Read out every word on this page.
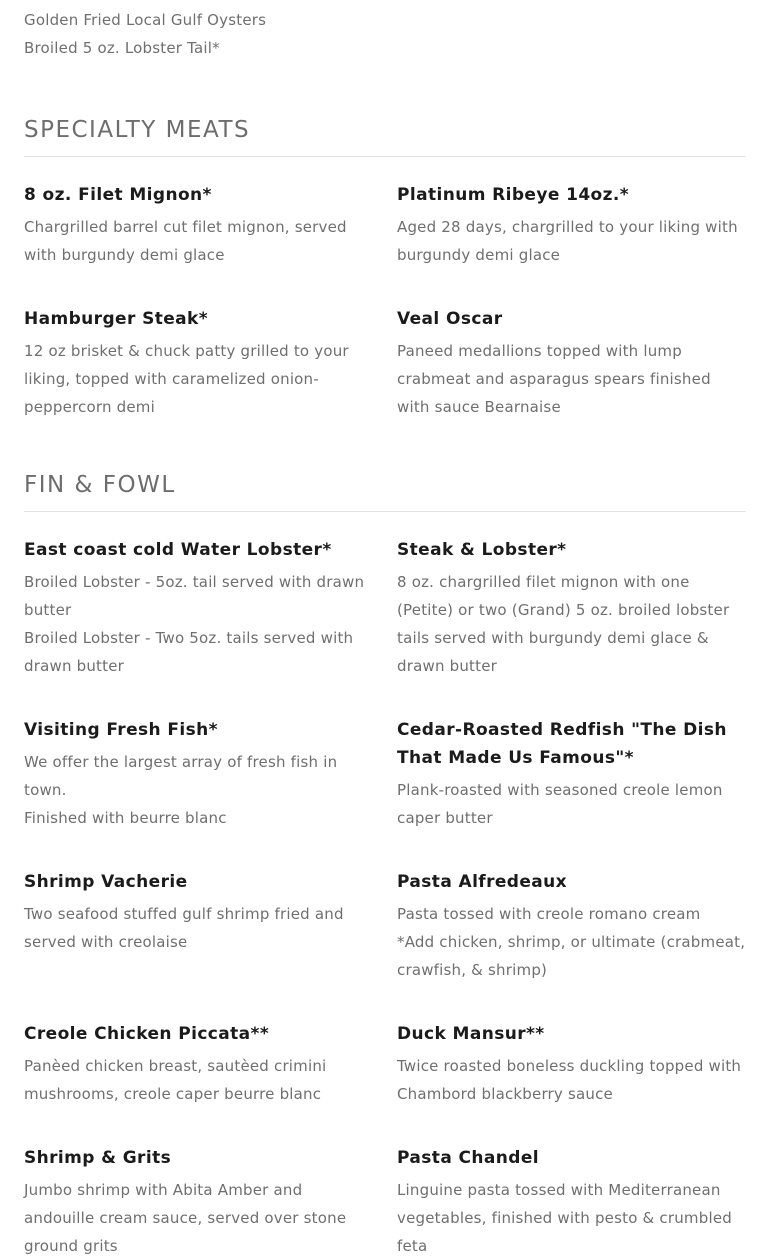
Golden Fried Local Gulf Oysters
Broiled 5 oz. Lobster Tail*
SPECIALTY MEATS
8 oz. Filet Mignon*
Chargrilled barrel cut filet mignon, served with burgundy demi glace
Platinum Ribeye 14oz.*
Aged 28 days, chargrilled to your liking with burgundy demi glace
Hamburger Steak*
12 oz brisket & chuck patty grilled to your liking, topped with caramelized onion- peppercorn demi
Veal Oscar
Paneed medallions topped with lump crabmeat and asparagus spears finished with sauce Bearnaise
FIN & FOWL
East coast cold Water Lobster*
Broiled Lobster - 5oz. tail served with drawn butter
Broiled Lobster - Two 5oz. tails served with drawn butter
Steak & Lobster*
8 oz. chargrilled filet mignon with one (Petite) or two (Grand) 5 oz. broiled lobster tails served with burgundy demi glace & drawn butter
Visiting Fresh Fish*
We offer the largest array of fresh fish in town.
Finished with beurre blanc
Cedar-Roasted Redfish "The Dish That Made Us Famous"*
Plank-roasted with seasoned creole lemon caper butter
Shrimp Vacherie
Two seafood stuffed gulf shrimp fried and served with creolaise
Pasta Alfredeaux
Pasta tossed with creole romano cream
*Add chicken, shrimp, or ultimate (crabmeat, crawfish, & shrimp)
Creole Chicken Piccata**
Panèed chicken breast, sautèed crimini mushrooms, creole caper beurre blanc
Duck Mansur**
Twice roasted boneless duckling topped with Chambord blackberry sauce
Shrimp & Grits
Jumbo shrimp with Abita Amber and andouille cream sauce, served over stone ground grits
Pasta Chandel
Linguine pasta tossed with Mediterranean vegetables, finished with pesto & crumbled feta
